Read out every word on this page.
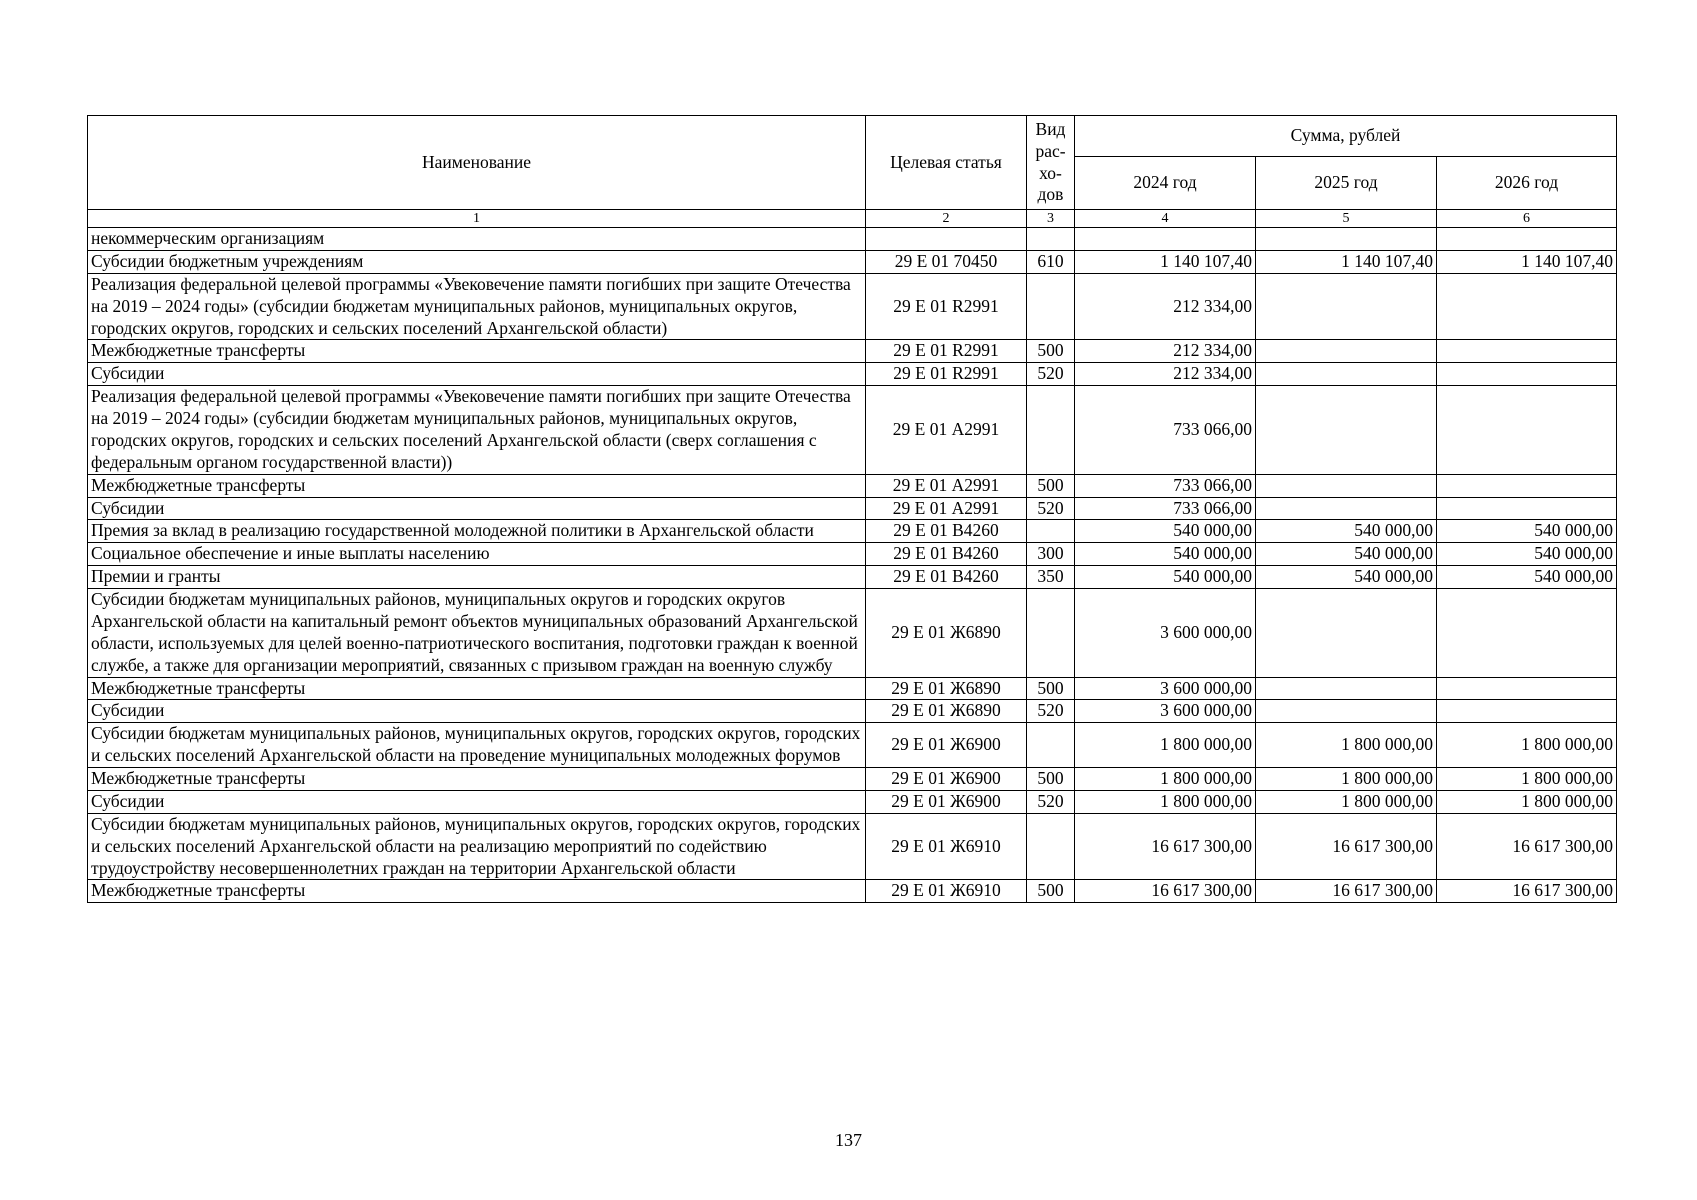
Наименование	Целевая статья	Вид рас-хо-дов	Сумма, рублей		
			2024 год	2025 год	2026 год
1	2	3	4	5	6
некоммерческим организациям					
Субсидии бюджетным учреждениям	29 Е 01 70450	610	1 140 107,40	1 140 107,40	1 140 107,40
Реализация федеральной целевой программы «Увековечение памяти погибших при защите Отечества на 2019 – 2024 годы» (субсидии бюджетам муниципальных районов, муниципальных округов, городских округов, городских и сельских поселений Архангельской области)	29 Е 01 R2991		212 334,00		
Межбюджетные трансферты	29 Е 01 R2991	500	212 334,00		
Субсидии	29 Е 01 R2991	520	212 334,00		
Реализация федеральной целевой программы «Увековечение памяти погибших при защите Отечества на 2019 – 2024 годы» (субсидии бюджетам муниципальных районов, муниципальных округов, городских округов, городских и сельских поселений Архангельской области (сверх соглашения с федеральным органом государственной власти))	29 Е 01 А2991		733 066,00		
Межбюджетные трансферты	29 Е 01 А2991	500	733 066,00		
Субсидии	29 Е 01 А2991	520	733 066,00		
Премия за вклад в реализацию государственной молодежной политики в Архангельской области	29 Е 01 В4260		540 000,00	540 000,00	540 000,00
Социальное обеспечение и иные выплаты населению	29 Е 01 В4260	300	540 000,00	540 000,00	540 000,00
Премии и гранты	29 Е 01 В4260	350	540 000,00	540 000,00	540 000,00
Субсидии бюджетам муниципальных районов, муниципальных округов и городских округов Архангельской области на капитальный ремонт объектов муниципальных образований Архангельской области, используемых для целей военно-патриотического воспитания, подготовки граждан к военной службе, а также для организации мероприятий, связанных с призывом граждан на военную службу	29 Е 01 Ж6890		3 600 000,00		
Межбюджетные трансферты	29 Е 01 Ж6890	500	3 600 000,00		
Субсидии	29 Е 01 Ж6890	520	3 600 000,00		
Субсидии бюджетам муниципальных районов, муниципальных округов, городских округов, городских и сельских поселений Архангельской области на проведение муниципальных молодежных форумов	29 Е 01 Ж6900		1 800 000,00	1 800 000,00	1 800 000,00
Межбюджетные трансферты	29 Е 01 Ж6900	500	1 800 000,00	1 800 000,00	1 800 000,00
Субсидии	29 Е 01 Ж6900	520	1 800 000,00	1 800 000,00	1 800 000,00
Субсидии бюджетам муниципальных районов, муниципальных округов, городских округов, городских и сельских поселений Архангельской области на реализацию мероприятий по содействию трудоустройству несовершеннолетних граждан на территории Архангельской области	29 Е 01 Ж6910		16 617 300,00	16 617 300,00	16 617 300,00
Межбюджетные трансферты	29 Е 01 Ж6910	500	16 617 300,00	16 617 300,00	16 617 300,00
137
